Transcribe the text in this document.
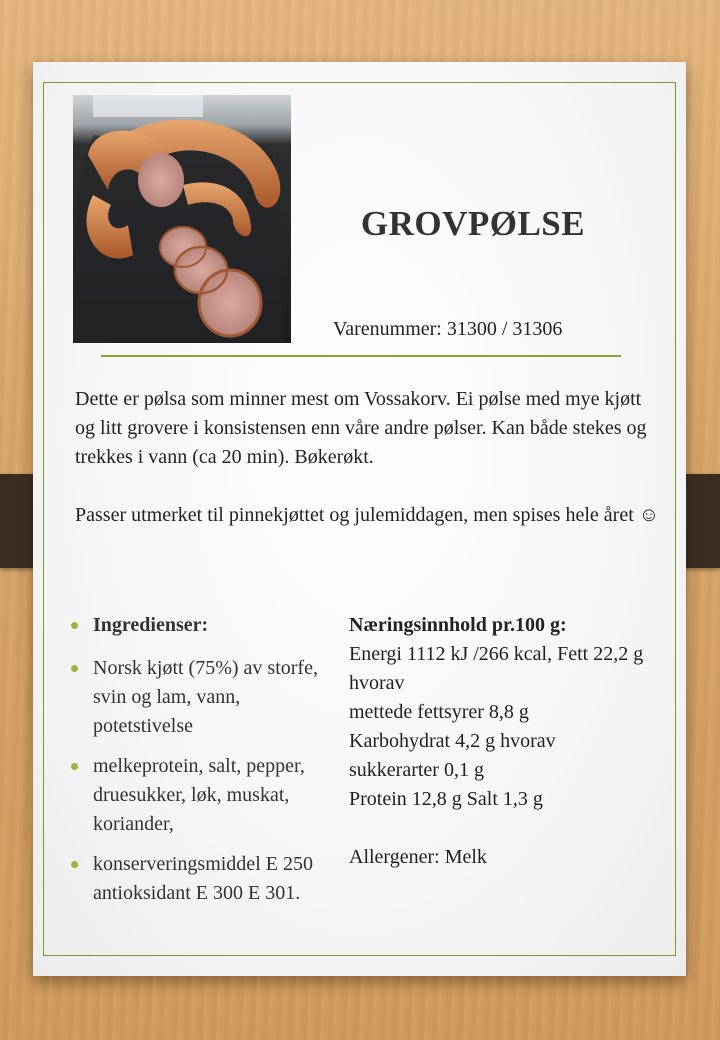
GROVPØLSE
Varenummer: 31300 / 31306

Dette er pølsa som minner mest om Vossakorv. Ei pølse med mye kjøtt og litt grovere i konsistensen enn våre andre pølser. Kan både stekes og trekkes i vann (ca 20 min). Bøkerøkt.

Passer utmerket til pinnekjøttet og julemiddagen, men spises hele året ☺

Ingredienser:
Norsk kjøtt (75%) av storfe, svin og lam, vann, potetstivelse
melkeprotein, salt, pepper, druesukker, løk, muskat, koriander,
konserveringsmiddel E 250 antioksidant E 300 E 301.
Næringsinnhold pr.100 g:
Energi 1112 kJ /266 kcal, Fett 22,2 g hvorav
mettede fettsyrer 8,8 g
Karbohydrat 4,2 g hvorav sukkerarter 0,1 g
Protein 12,8 g Salt 1,3 g
Allergener: Melk
